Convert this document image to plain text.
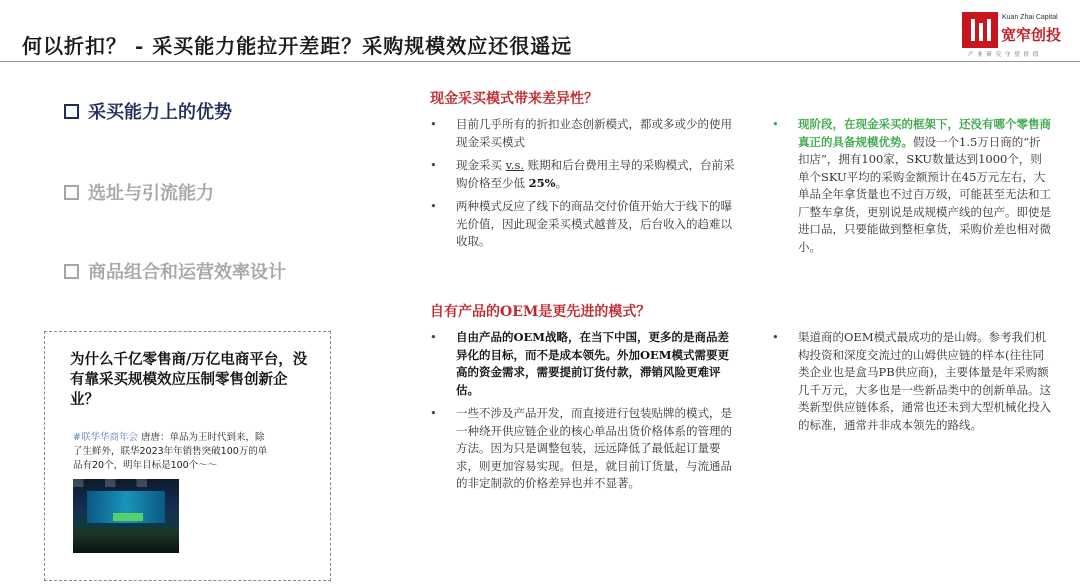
何以折扣？ - 采买能力能拉开差距？采购规模效应还很遥远
Kuan Zhai Capital
宽窄创投
产 业 研 究 守 望 价 值
采买能力上的优势
选址与引流能力
商品组合和运营效率设计
为什么千亿零售商/万亿电商平台，没有靠采买规模效应压制零售创新企业？
#联华华商年会 唐唐：单品为王时代到来，除了生鲜外，联华2023年年销售突破100万的单品有20个，明年目标是100个～～
现金采买模式带来差异性？
• 目前几乎所有的折扣业态创新模式，都或多或少的使用现金采买模式
• 现金采买 v.s. 账期和后台费用主导的采购模式，台前采购价格至少低 25%。
• 两种模式反应了线下的商品交付价值开始大于线下的曝光价值，因此现金采买模式越普及，后台收入的趋难以收取。
• 现阶段，在现金采买的框架下，还没有哪个零售商真正的具备规模优势。假设一个1.5万日商的“折扣店”，拥有100家，SKU数量达到1000个，则单个SKU平均的采购金额预计在45万元左右，大单品全年拿货量也不过百万级，可能甚至无法和工厂整车拿货，更别说是成规模产线的包产。即使是进口品，只要能做到整柜拿货，采购价差也相对微小。
自有产品的OEM是更先进的模式？
• 自由产品的OEM战略，在当下中国，更多的是商品差异化的目标，而不是成本领先。外加OEM模式需要更高的资金需求，需要提前订货付款，滞销风险更难评估。
• 一些不涉及产品开发，而直接进行包装贴牌的模式，是一种绕开供应链企业的核心单品出货价格体系的管理的方法。因为只是调整包装，远远降低了最低起订量要求，则更加容易实现。但是，就目前订货量，与流通品的非定制款的价格差异也并不显著。
• 渠道商的OEM模式最成功的是山姆。参考我们机构投资和深度交流过的山姆供应链的样本(往往同类企业也是盒马PB供应商)，主要体量是年采购额几千万元，大多也是一些新品类中的创新单品。这类新型供应链体系，通常也还未到大型机械化投入的标准，通常并非成本领先的路线。
